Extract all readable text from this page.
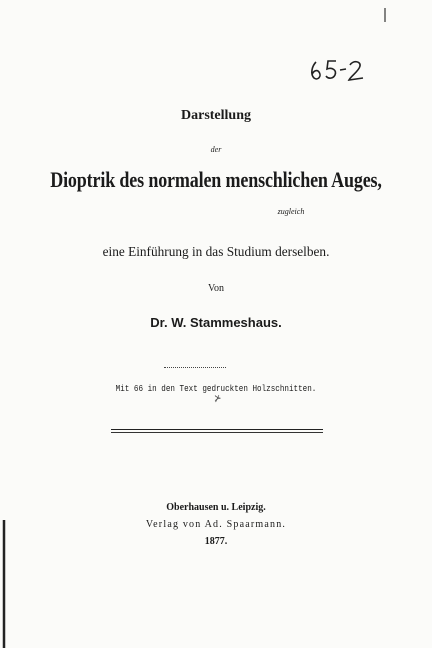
Darstellung
der
Dioptrik des normalen menschlichen Auges,
zugleich
eine Einführung in das Studium derselben.
Von
Dr. W. Stammeshaus.
Mit 66 in den Text gedruckten Holzschnitten.
⊁
Oberhausen u. Leipzig.
Verlag von Ad. Spaarmann.
1877.
